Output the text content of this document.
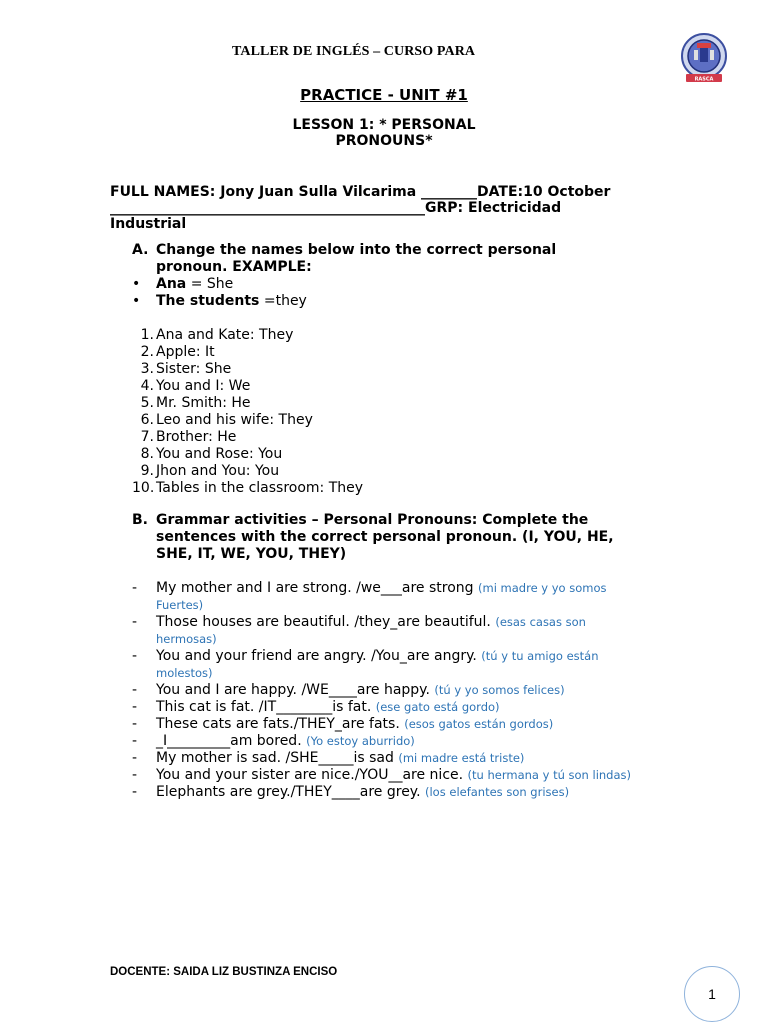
TALLER DE INGLÉS – CURSO PARA
RASCA
PRACTICE - UNIT #1
LESSON 1: * PERSONAL PRONOUNS*
FULL NAMES: Jony Juan Sulla Vilcarima ________DATE:10 October
_____________________________________________GRP: Electricidad Industrial
A. Change the names below into the correct personal pronoun. EXAMPLE:
• Ana = She
• The students =they
1. Ana and Kate: They
2. Apple: It
3. Sister: She
4. You and I: We
5. Mr. Smith: He
6. Leo and his wife: They
7. Brother: He
8. You and Rose: You
9. Jhon and You: You
10. Tables in the classroom: They
B. Grammar activities – Personal Pronouns: Complete the sentences with the correct personal pronoun. (I, YOU, HE, SHE, IT, WE, YOU, THEY)
- My mother and I are strong. /we___are strong (mi madre y yo somos Fuertes)
- Those houses are beautiful. /they_are beautiful. (esas casas son hermosas)
- You and your friend are angry. /You_are angry. (tú y tu amigo están molestos)
- You and I are happy. /WE____are happy. (tú y yo somos felices)
- This cat is fat. /IT________is fat. (ese gato está gordo)
- These cats are fats./THEY_are fats. (esos gatos están gordos)
- _I_________am bored. (Yo estoy aburrido)
- My mother is sad. /SHE_____is sad (mi madre está triste)
- You and your sister are nice./YOU__are nice. (tu hermana y tú son lindas)
- Elephants are grey./THEY____are grey. (los elefantes son grises)
DOCENTE: SAIDA LIZ BUSTINZA ENCISO
1
